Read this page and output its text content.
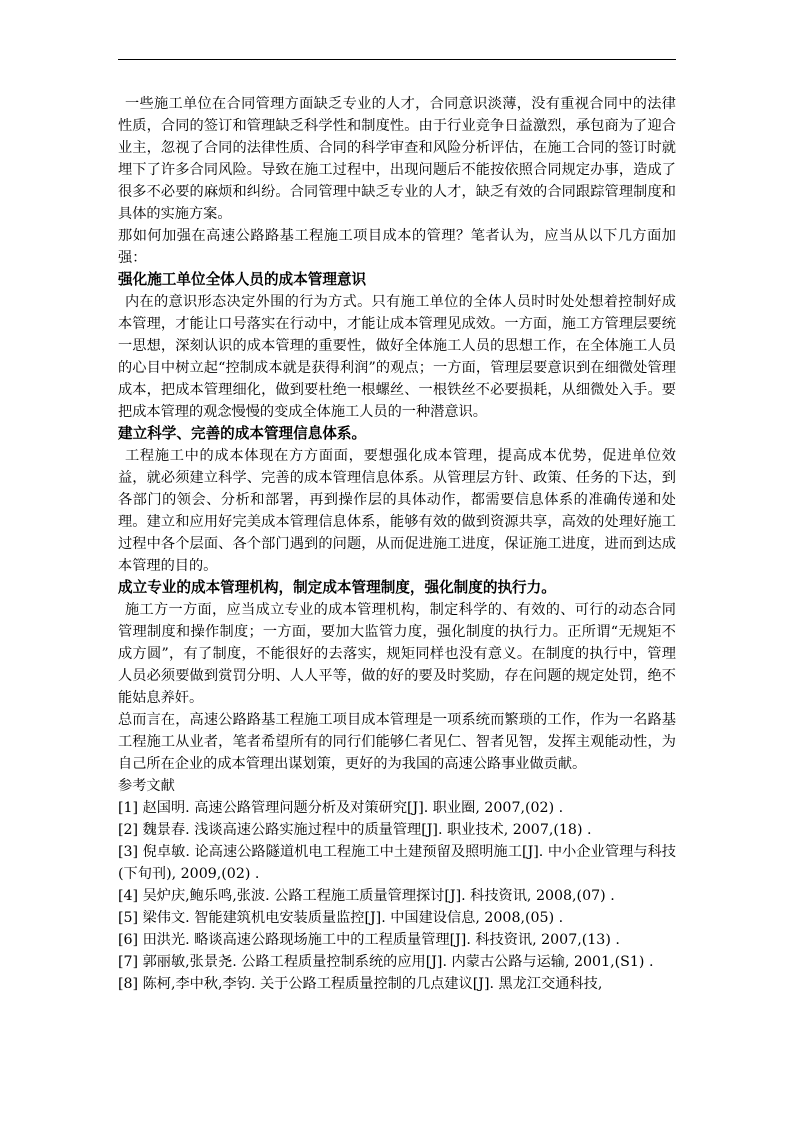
一些施工单位在合同管理方面缺乏专业的人才，合同意识淡薄，没有重视合同中的法律性质，合同的签订和管理缺乏科学性和制度性。由于行业竞争日益激烈，承包商为了迎合业主，忽视了合同的法律性质、合同的科学审查和风险分析评估，在施工合同的签订时就埋下了许多合同风险。导致在施工过程中，出现问题后不能按依照合同规定办事，造成了很多不必要的麻烦和纠纷。合同管理中缺乏专业的人才，缺乏有效的合同跟踪管理制度和具体的实施方案。

那如何加强在高速公路路基工程施工项目成本的管理？笔者认为，应当从以下几方面加强：

强化施工单位全体人员的成本管理意识

内在的意识形态决定外围的行为方式。只有施工单位的全体人员时时处处想着控制好成本管理，才能让口号落实在行动中，才能让成本管理见成效。一方面，施工方管理层要统一思想，深刻认识的成本管理的重要性，做好全体施工人员的思想工作，在全体施工人员的心目中树立起“控制成本就是获得利润”的观点；一方面，管理层要意识到在细微处管理成本，把成本管理细化，做到要杜绝一根螺丝、一根铁丝不必要损耗，从细微处入手。要把成本管理的观念慢慢的变成全体施工人员的一种潜意识。

建立科学、完善的成本管理信息体系。

工程施工中的成本体现在方方面面，要想强化成本管理，提高成本优势，促进单位效益，就必须建立科学、完善的成本管理信息体系。从管理层方针、政策、任务的下达，到各部门的领会、分析和部署，再到操作层的具体动作，都需要信息体系的准确传递和处理。建立和应用好完美成本管理信息体系，能够有效的做到资源共享，高效的处理好施工过程中各个层面、各个部门遇到的问题，从而促进施工进度，保证施工进度，进而到达成本管理的目的。

成立专业的成本管理机构，制定成本管理制度，强化制度的执行力。

施工方一方面，应当成立专业的成本管理机构，制定科学的、有效的、可行的动态合同管理制度和操作制度；一方面，要加大监管力度，强化制度的执行力。正所谓“无规矩不成方圆”，有了制度，不能很好的去落实，规矩同样也没有意义。在制度的执行中，管理人员必须要做到赏罚分明、人人平等，做的好的要及时奖励，存在问题的规定处罚，绝不能姑息养奸。

总而言在，高速公路路基工程施工项目成本管理是一项系统而繁琐的工作，作为一名路基工程施工从业者，笔者希望所有的同行们能够仁者见仁、智者见智，发挥主观能动性，为自己所在企业的成本管理出谋划策，更好的为我国的高速公路事业做贡献。

参考文献

[1] 赵国明. 高速公路管理问题分析及对策研究[J]. 职业圈, 2007,(02) .

[2] 魏景春. 浅谈高速公路实施过程中的质量管理[J]. 职业技术, 2007,(18) .

[3] 倪卓敏. 论高速公路隧道机电工程施工中土建预留及照明施工[J]. 中小企业管理与科技(下旬刊), 2009,(02) .

[4] 吴炉庆,鲍乐鸣,张波. 公路工程施工质量管理探讨[J]. 科技资讯, 2008,(07) .

[5] 梁伟文. 智能建筑机电安装质量监控[J]. 中国建设信息, 2008,(05) .

[6] 田洪光. 略谈高速公路现场施工中的工程质量管理[J]. 科技资讯, 2007,(13) .

[7] 郭丽敏,张景尧. 公路工程质量控制系统的应用[J]. 内蒙古公路与运输, 2001,(S1) .

[8] 陈柯,李中秋,李钧. 关于公路工程质量控制的几点建议[J]. 黑龙江交通科技,
